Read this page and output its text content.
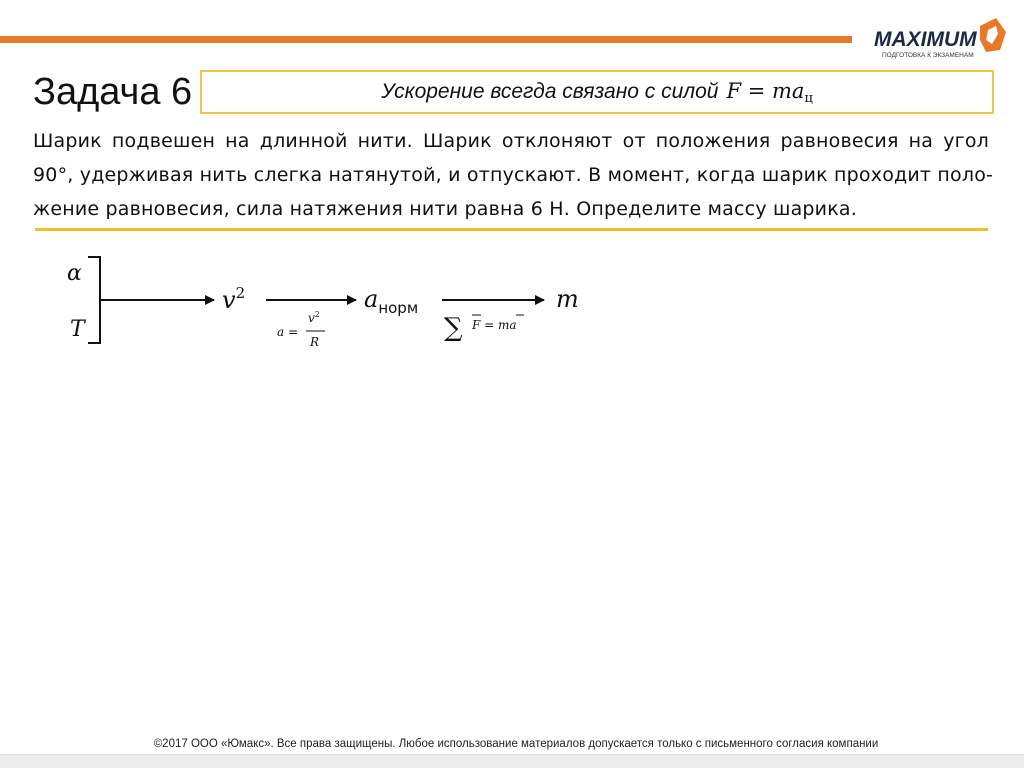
MAXIMUM
ПОДГОТОВКА К ЭКЗАМЕНАМ
Задача 6	Ускорение всегда связано с силой $F = ma_ц$
Шарик подвешен на длинной нити. Шарик отклоняют от положения равновесия на угол
90°, удерживая нить слегка натянутой, и отпускают. В момент, когда шарик проходит поло-
жение равновесия, сила натяжения нити равна 6 Н. Определите массу шарика.
α
T
$v^2$
a =
$v^2$
R
$a_{норм}$
∑ F = ma
m
©2017 ООО «Юмакс». Все права защищены. Любое использование материалов допускается только с письменного согласия компании
